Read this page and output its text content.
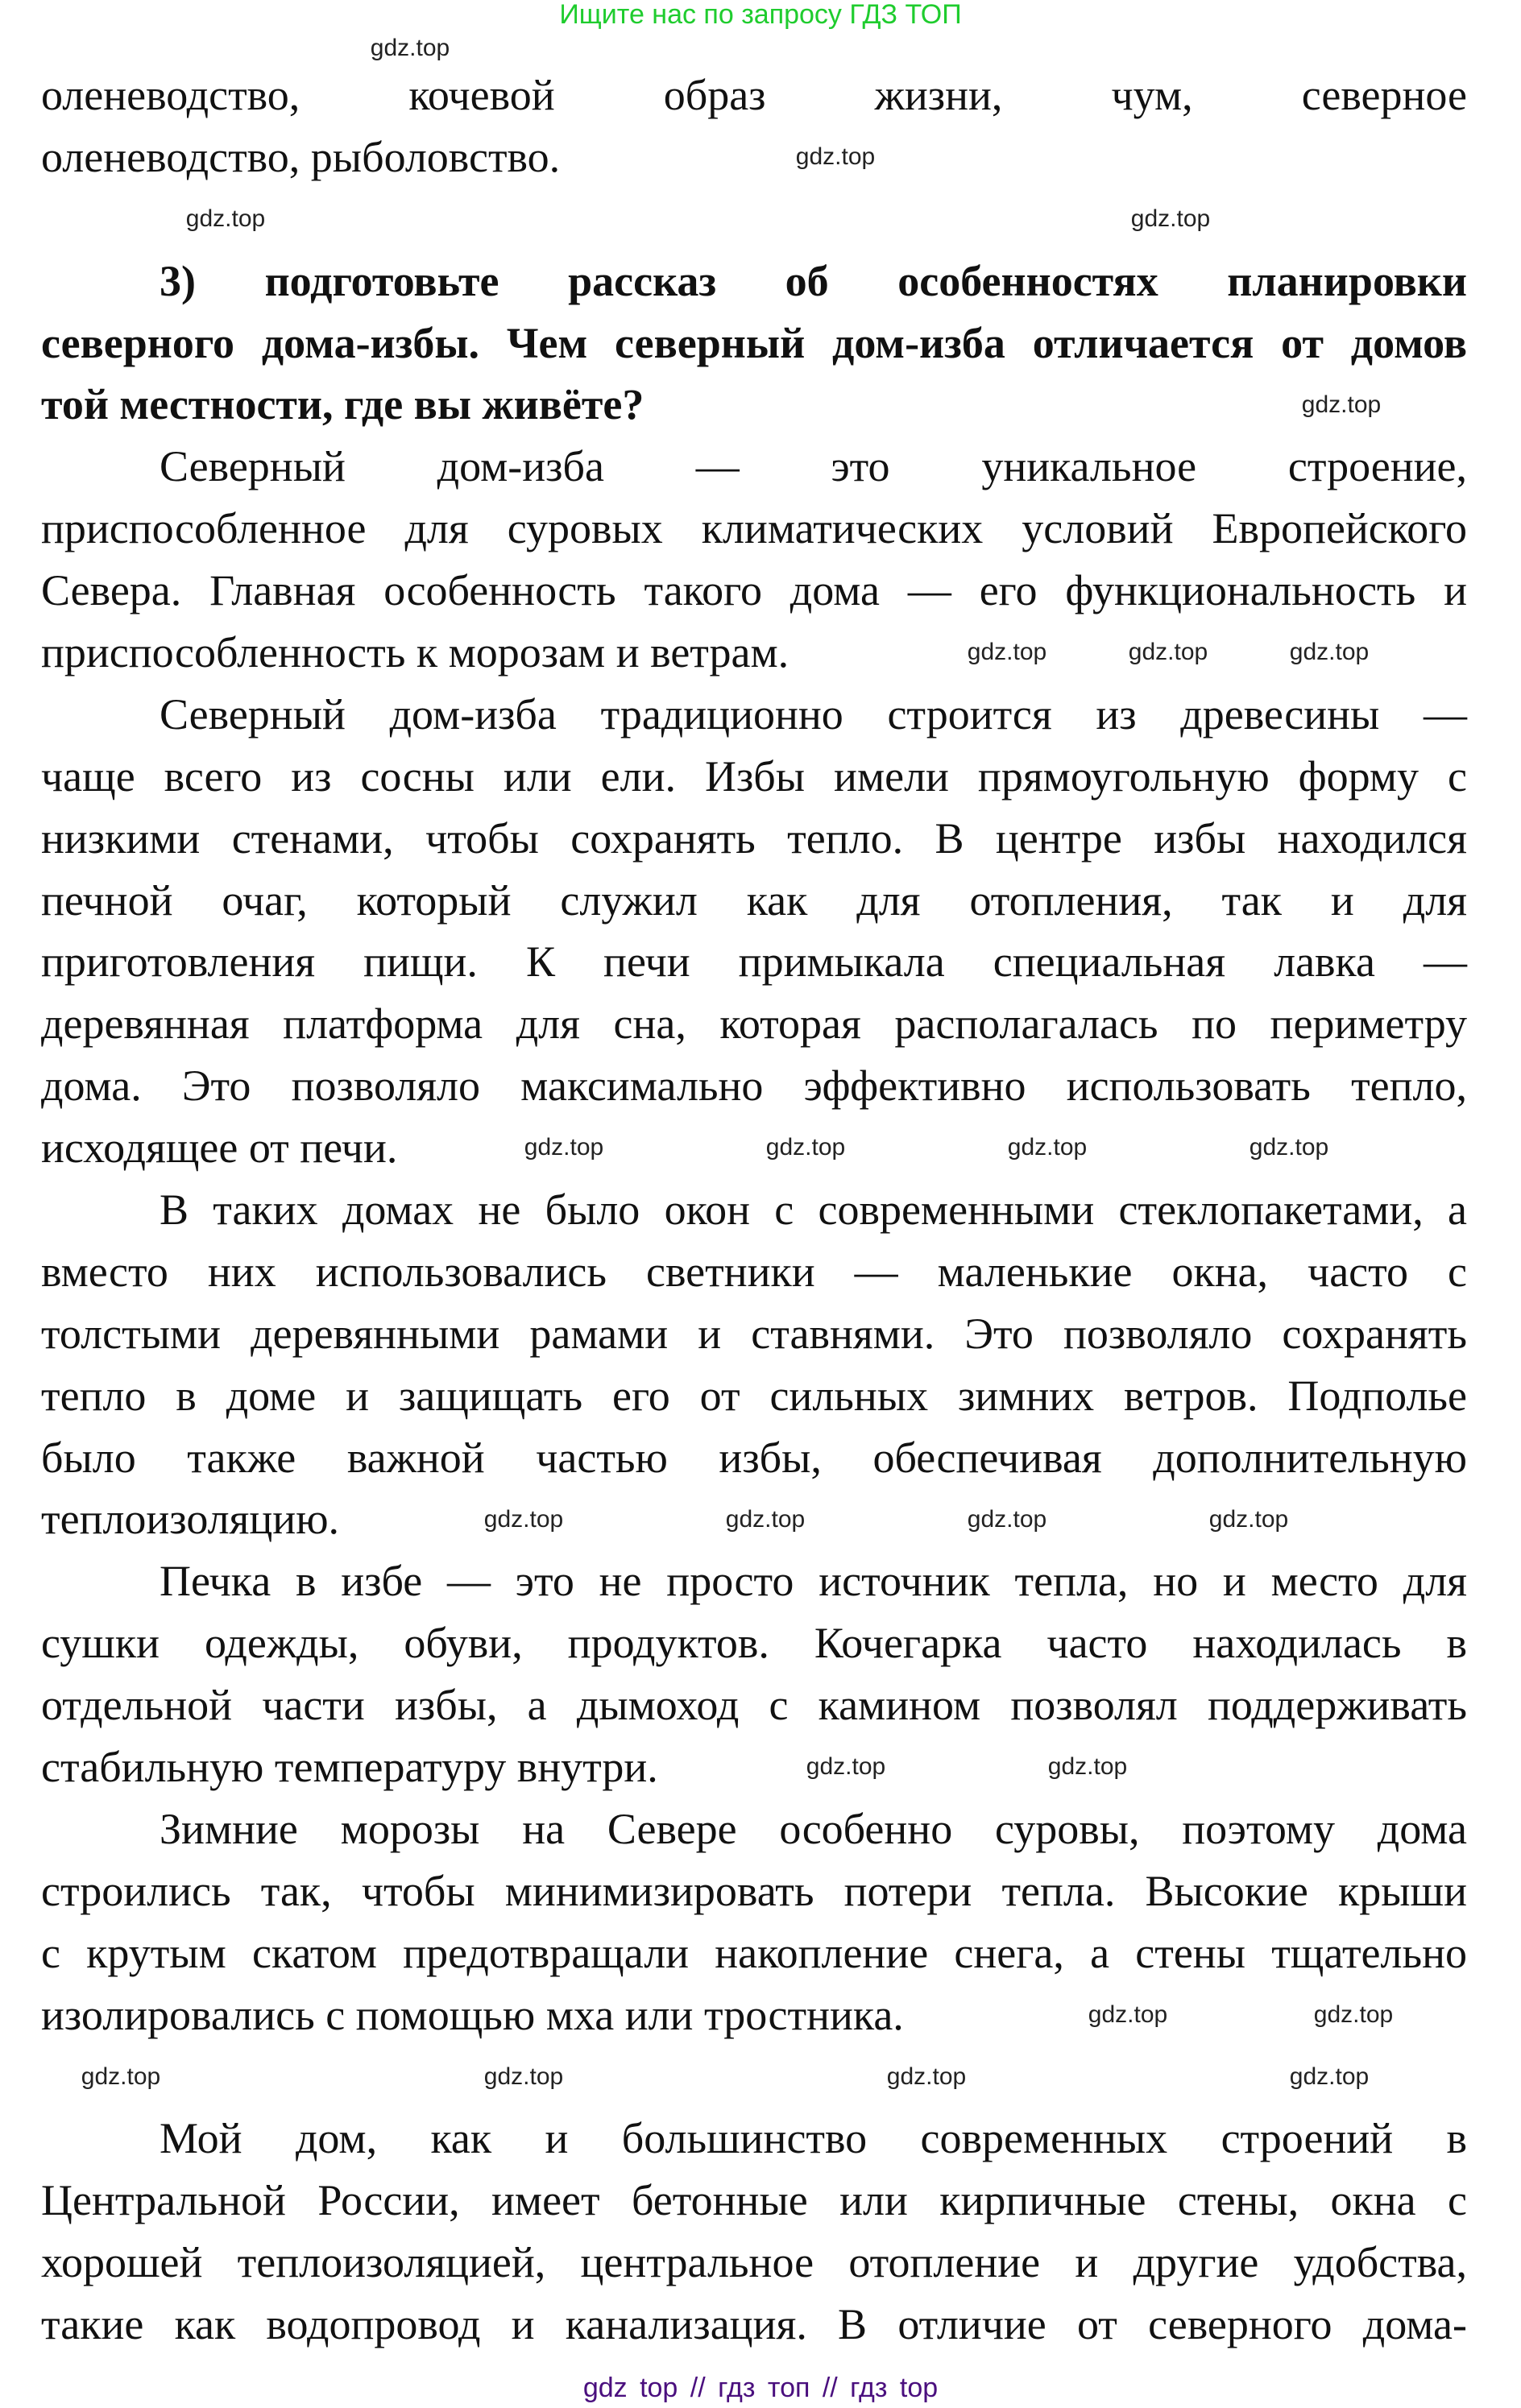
Ищите нас по запросу ГДЗ ТОП
оленеводство, кочевой образ жизни, чум, северное
оленеводство, рыболовство.
3) подготовьте рассказ об особенностях планировки
северного дома-избы. Чем северный дом-изба отличается от домов
той местности, где вы живёте?
Северный дом-изба — это уникальное строение,
приспособленное для суровых климатических условий Европейского
Севера. Главная особенность такого дома — его функциональность и
приспособленность к морозам и ветрам.
Северный дом-изба традиционно строится из древесины —
чаще всего из сосны или ели. Избы имели прямоугольную форму с
низкими стенами, чтобы сохранять тепло. В центре избы находился
печной очаг, который служил как для отопления, так и для
приготовления пищи. К печи примыкала специальная лавка —
деревянная платформа для сна, которая располагалась по периметру
дома. Это позволяло максимально эффективно использовать тепло,
исходящее от печи.
В таких домах не было окон с современными стеклопакетами, а
вместо них использовались светники — маленькие окна, часто с
толстыми деревянными рамами и ставнями. Это позволяло сохранять
тепло в доме и защищать его от сильных зимних ветров. Подполье
было также важной частью избы, обеспечивая дополнительную
теплоизоляцию.
Печка в избе — это не просто источник тепла, но и место для
сушки одежды, обуви, продуктов. Кочегарка часто находилась в
отдельной части избы, а дымоход с камином позволял поддерживать
стабильную температуру внутри.
Зимние морозы на Севере особенно суровы, поэтому дома
строились так, чтобы минимизировать потери тепла. Высокие крыши
с крутым скатом предотвращали накопление снега, а стены тщательно
изолировались с помощью мха или тростника.
Мой дом, как и большинство современных строений в
Центральной России, имеет бетонные или кирпичные стены, окна с
хорошей теплоизоляцией, центральное отопление и другие удобства,
такие как водопровод и канализация. В отличие от северного дома-
gdz.top
gdz.top
gdz.top	gdz.top
gdz.top
gdz.top	gdz.top	gdz.top
gdz.top	gdz.top	gdz.top	gdz.top
gdz.top	gdz.top	gdz.top	gdz.top
gdz.top	gdz.top
gdz.top	gdz.top
gdz.top	gdz.top	gdz.top	gdz.top
gdz top // гдз топ // гдз top
